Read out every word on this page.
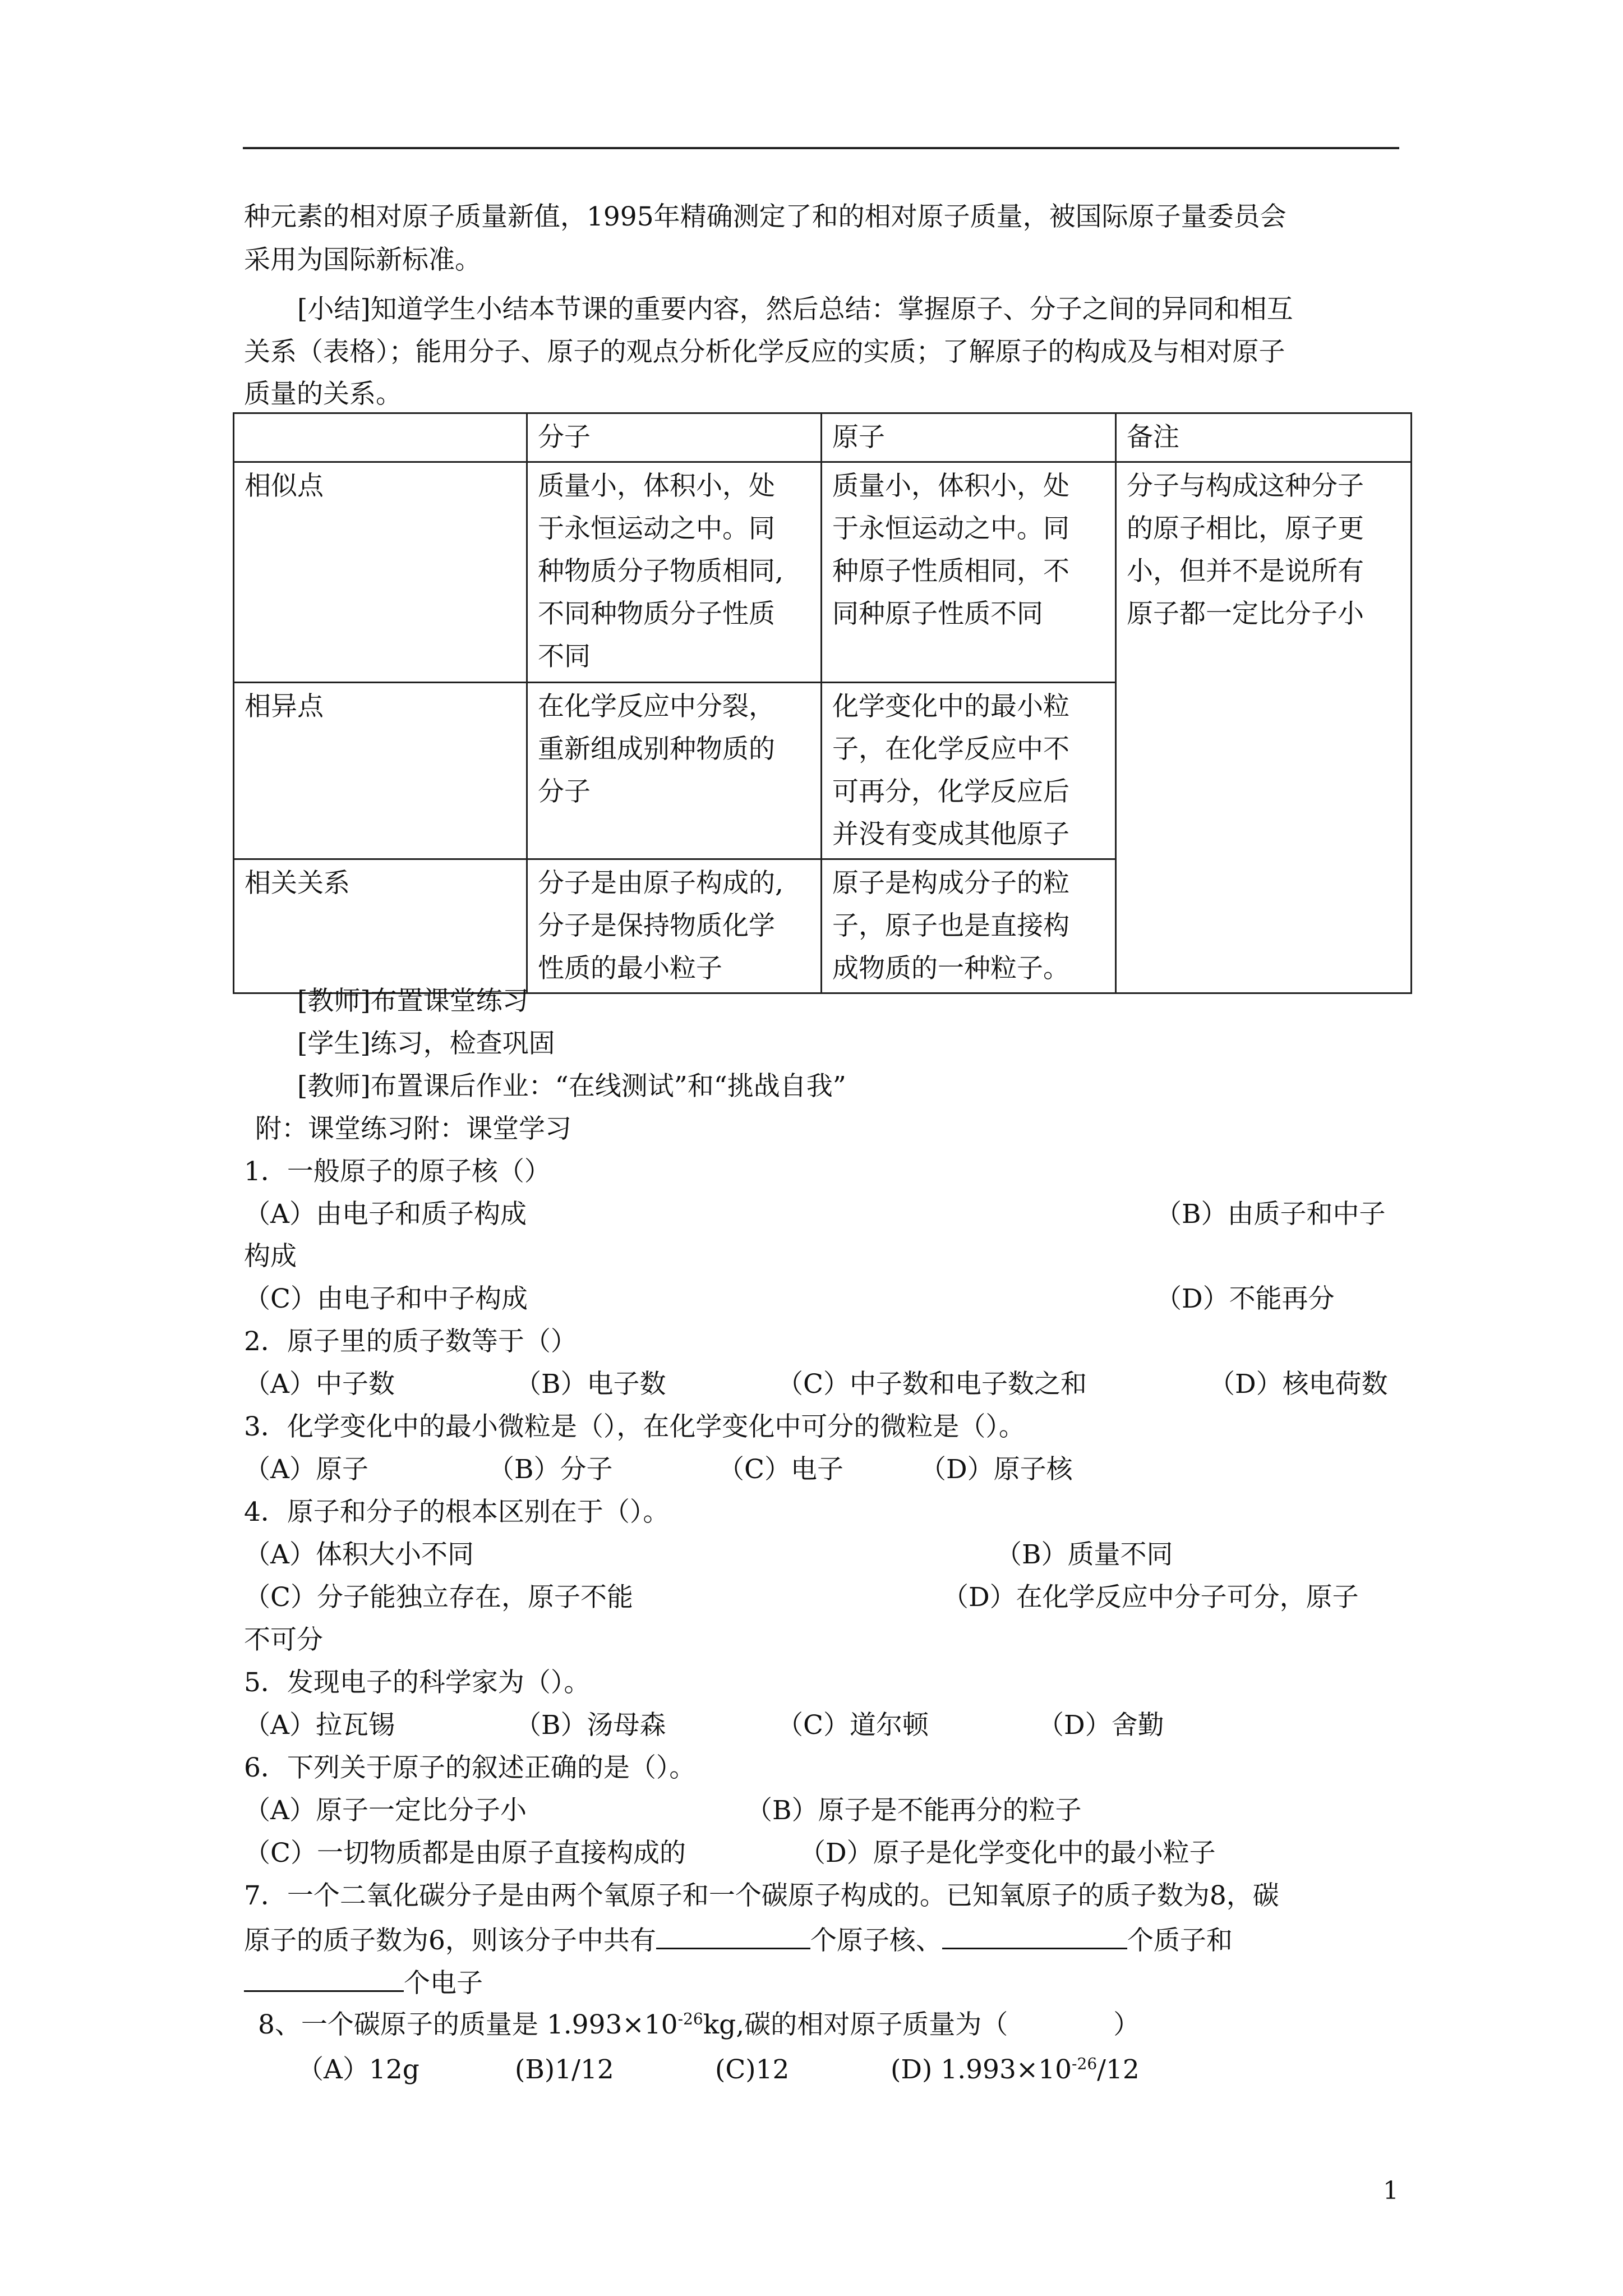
种元素的相对原子质量新值，1995年精确测定了和的相对原子质量，被国际原子量委员会
采用为国际新标准。
[小结]知道学生小结本节课的重要内容，然后总结：掌握原子、分子之间的异同和相互
关系（表格）；能用分子、原子的观点分析化学反应的实质；了解原子的构成及与相对原子
质量的关系。
	分子	原子	备注
相似点	质量小，体积小，处
于永恒运动之中。同
种物质分子物质相同,
不同种物质分子性质
不同	质量小，体积小，处
于永恒运动之中。同
种原子性质相同，不
同种原子性质不同	分子与构成这种分子
的原子相比，原子更
小，但并不是说所有
原子都一定比分子小
相异点	在化学反应中分裂，
重新组成别种物质的
分子	化学变化中的最小粒
子，在化学反应中不
可再分，化学反应后
并没有变成其他原子	
相关关系	分子是由原子构成的,
分子是保持物质化学
性质的最小粒子	原子是构成分子的粒
子，原子也是直接构
成物质的一种粒子。	
[教师]布置课堂练习
[学生]练习，检查巩固
[教师]布置课后作业：“在线测试”和“挑战自我”
附：课堂练习附：课堂学习
1．一般原子的原子核（）
（A）由电子和质子构成	（B）由质子和中子
构成
（C）由电子和中子构成	（D）不能再分
2．原子里的质子数等于（）
（A）中子数	（B）电子数	（C）中子数和电子数之和	（D）核电荷数
3．化学变化中的最小微粒是（），在化学变化中可分的微粒是（）。
（A）原子	（B）分子	（C）电子	（D）原子核
4．原子和分子的根本区别在于（）。
（A）体积大小不同	（B）质量不同
（C）分子能独立存在，原子不能	（D）在化学反应中分子可分，原子
不可分
5．发现电子的科学家为（）。
（A）拉瓦锡	（B）汤母森	（C）道尔顿	（D）舍勤
6．下列关于原子的叙述正确的是（）。
（A）原子一定比分子小	（B）原子是不能再分的粒子
（C）一切物质都是由原子直接构成的	（D）原子是化学变化中的最小粒子
7．一个二氧化碳分子是由两个氧原子和一个碳原子构成的。已知氧原子的质子数为8，碳
原子的质子数为6，则该分子中共有	个原子核、	个质子和
个电子
8、一个碳原子的质量是 $1.993\times 10^{-26}kg$,碳的相对原子质量为（　　　　）
（A）12g	(B)1/12	(C)12	(D) $1.993\times 10^{-26}/12$
1
